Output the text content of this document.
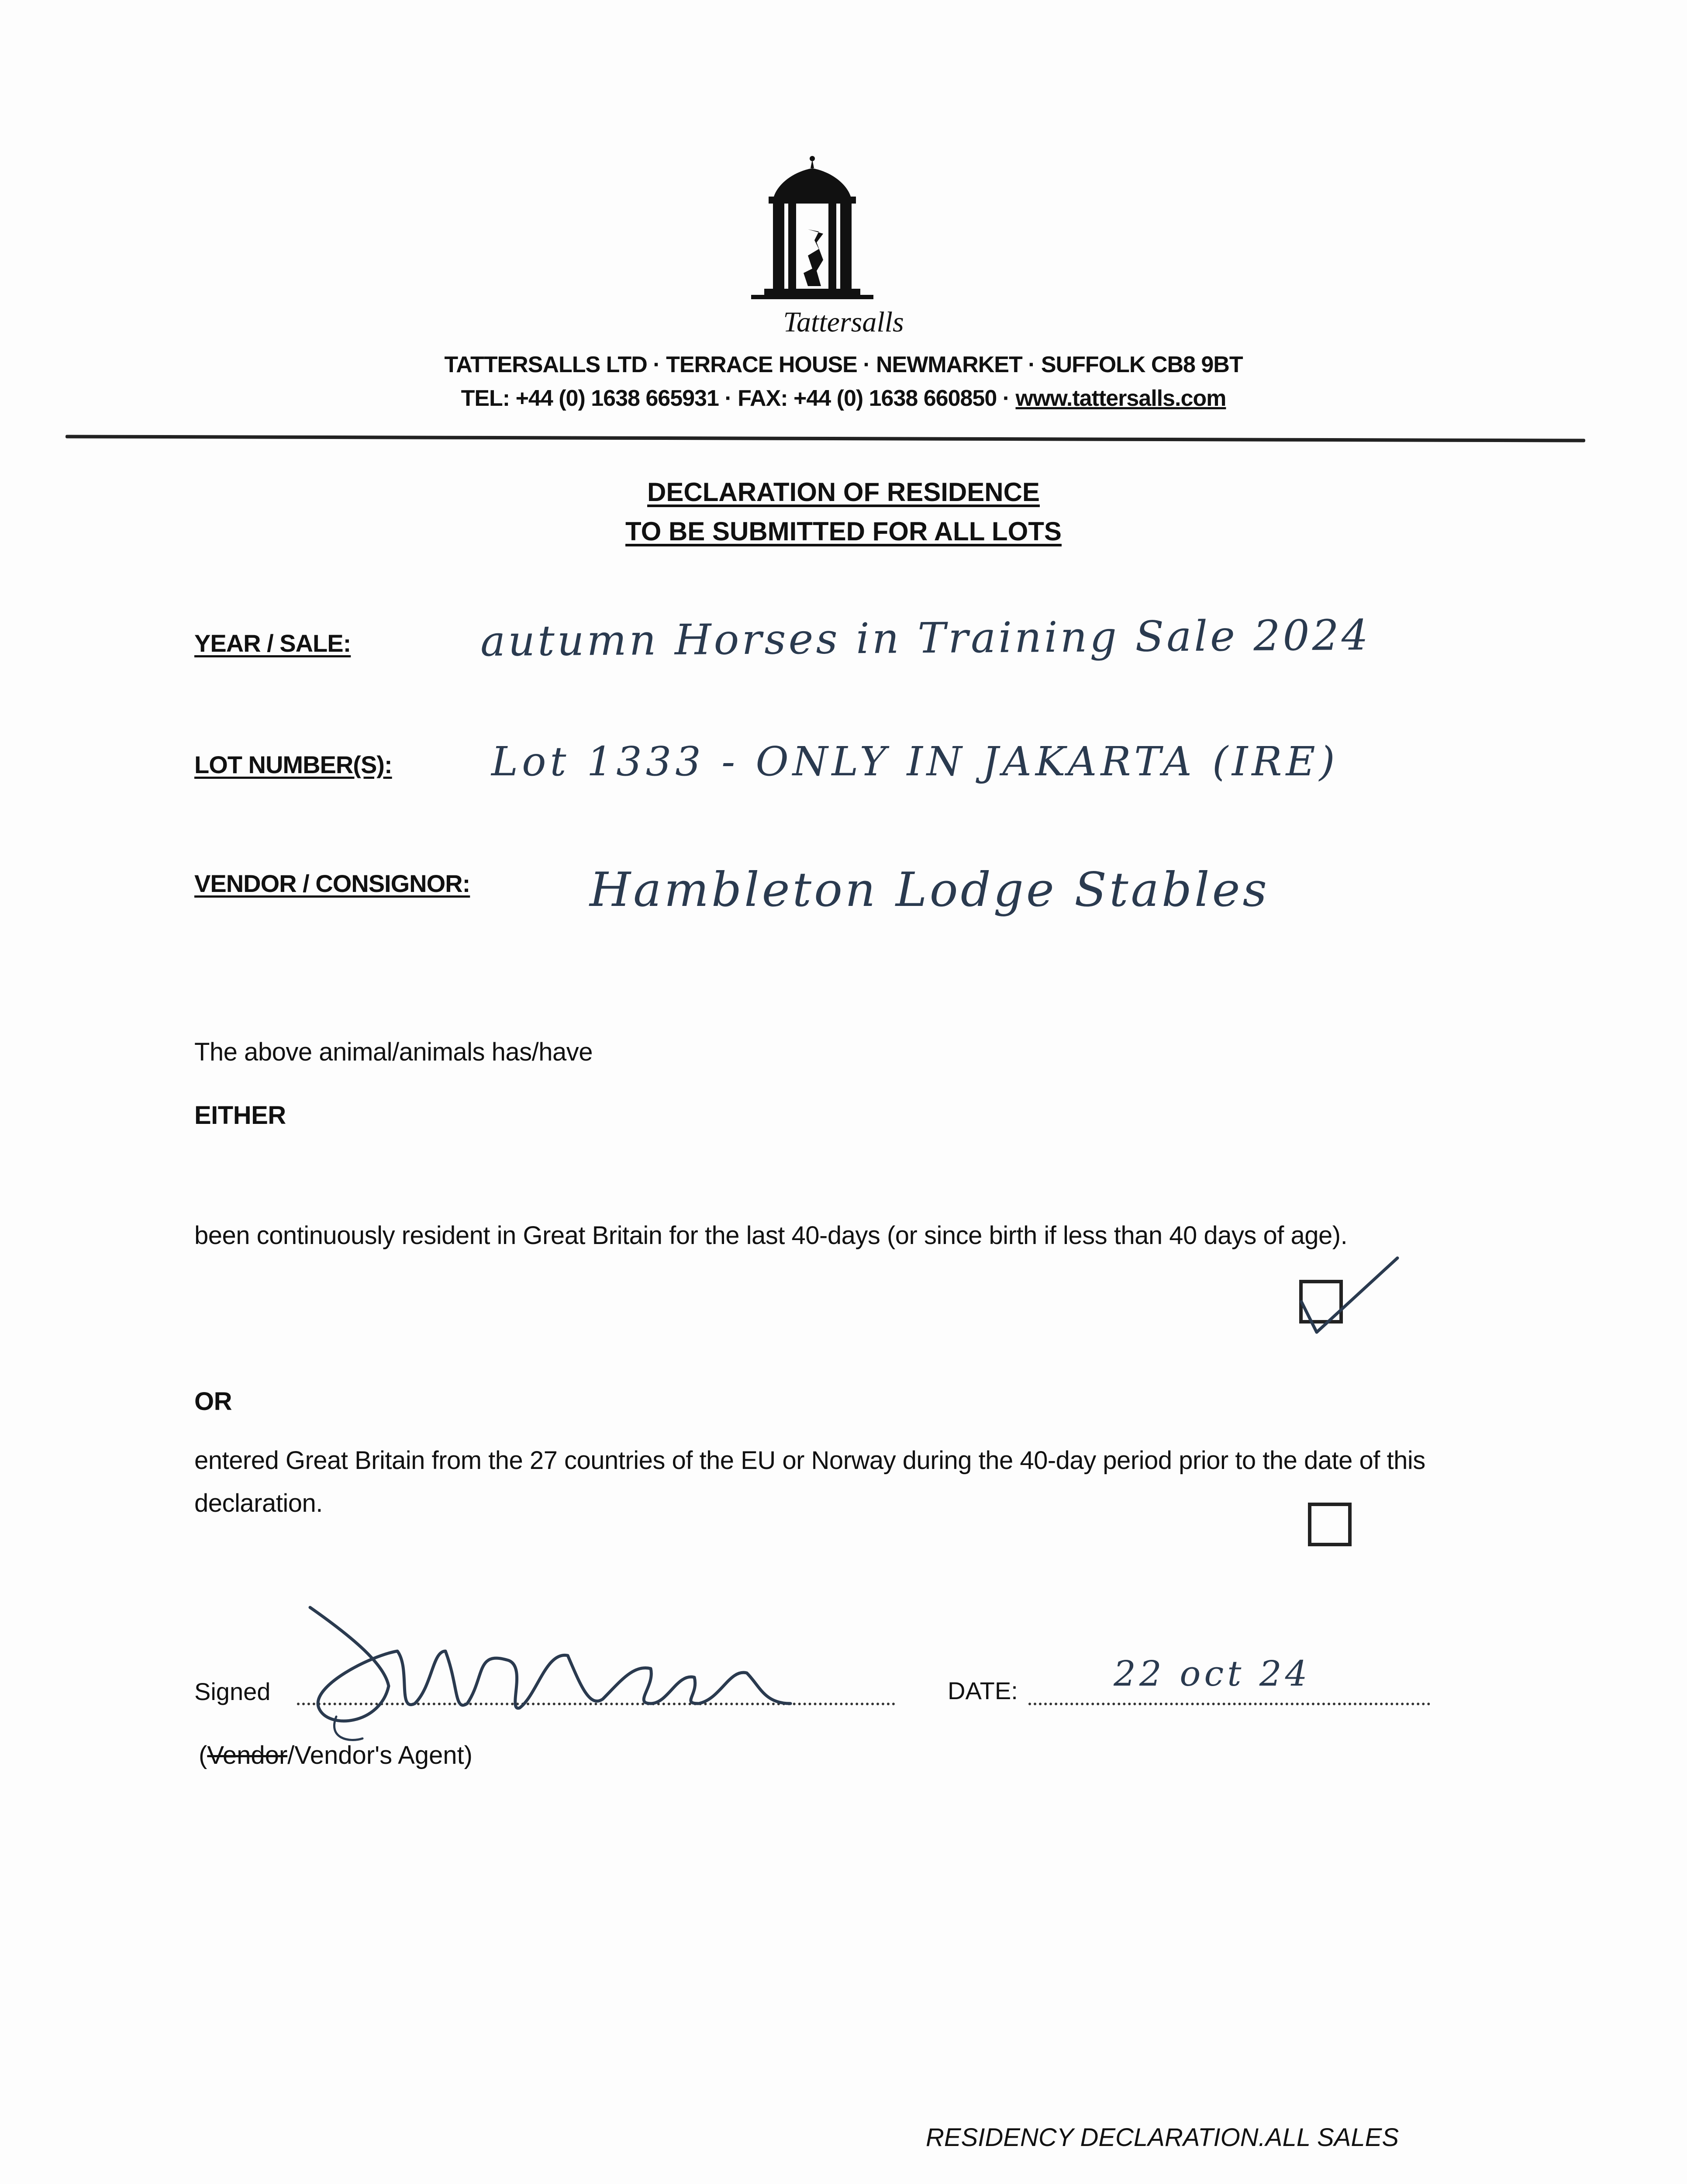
Tattersalls
TATTERSALLS LTD · TERRACE HOUSE · NEWMARKET · SUFFOLK CB8 9BT
TEL: +44 (0) 1638 665931 · FAX: +44 (0) 1638 660850 · www.tattersalls.com
DECLARATION OF RESIDENCE
TO BE SUBMITTED FOR ALL LOTS
YEAR / SALE:	autumn Horses in Training Sale 2024
LOT NUMBER(S): Lot 1333 - ONLY IN JAKARTA (IRE)
VENDOR / CONSIGNOR:	Hambleton Lodge Stables
The above animal/animals has/have
EITHER
been continuously resident in Great Britain for the last 40-days (or since birth if less than 40 days of age).
OR
entered Great Britain from the 27 countries of the EU or Norway during the 40-day period prior to the date of this declaration.
Signed	DATE:	22 oct 24
(Vendor/Vendor's Agent)
RESIDENCY DECLARATION.ALL SALES
